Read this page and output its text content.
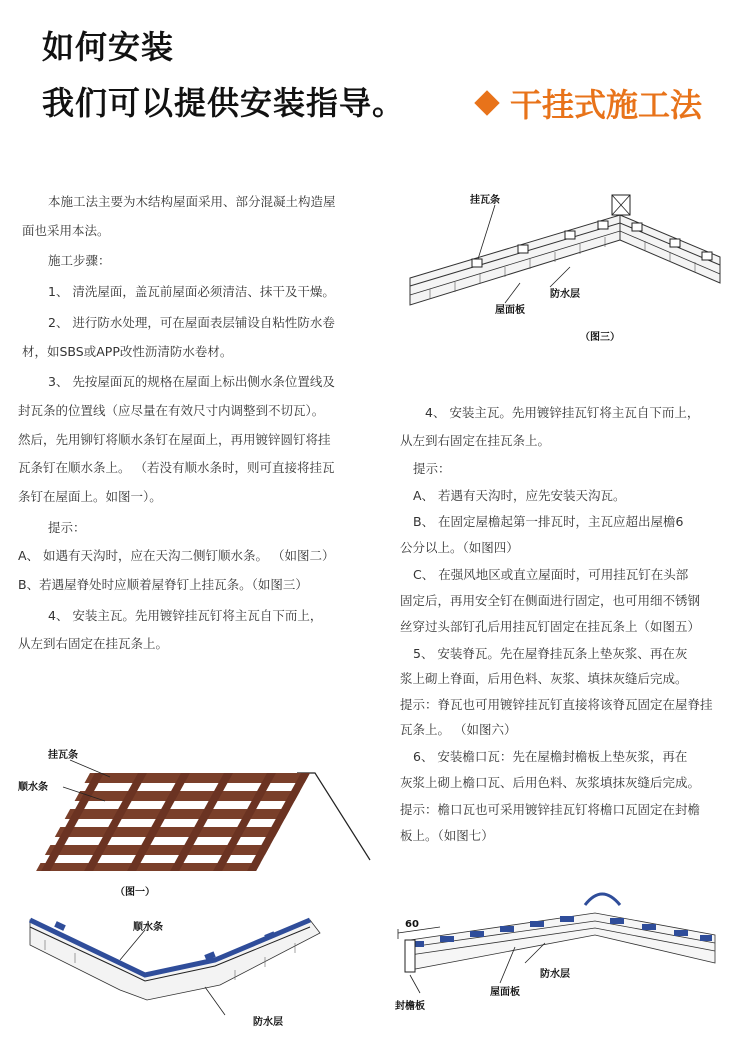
如何安装
我们可以提供安装指导。	干挂式施工法
本施工法主要为木结构屋面采用、部分混凝土构造屋
面也采用本法。
施工步骤：
1、 清洗屋面，盖瓦前屋面必须清洁、抹干及干燥。
2、 进行防水处理，可在屋面表层铺设自粘性防水卷
材，如SBS或APP改性沥清防水卷材。
3、 先按屋面瓦的规格在屋面上标出侧水条位置线及
封瓦条的位置线（应尽量在有效尺寸内调整到不切瓦）。
然后，先用铆钉将顺水条钉在屋面上，再用镀锌圆钉将挂
瓦条钉在顺水条上。 （若没有顺水条时，则可直接将挂瓦
条钉在屋面上。如图一）。
提示：
A、 如遇有天沟时，应在天沟二侧钉顺水条。 （如图二）
B、若遇屋脊处时应顺着屋脊钉上挂瓦条。（如图三）
4、 安装主瓦。先用镀锌挂瓦钉将主瓦自下而上，
从左到右固定在挂瓦条上。
4、 安装主瓦。先用镀锌挂瓦钉将主瓦自下而上，
从左到右固定在挂瓦条上。
提示：
A、 若遇有天沟时，应先安装天沟瓦。
B、 在固定屋檐起第一排瓦时，主瓦应超出屋檐6
公分以上。（如图四）
C、 在强风地区或直立屋面时，可用挂瓦钉在头部
固定后，再用安全钉在侧面进行固定，也可用细不锈钢
丝穿过头部钉孔后用挂瓦钉固定在挂瓦条上（如图五）
5、 安装脊瓦。先在屋脊挂瓦条上垫灰浆、再在灰
浆上砌上脊面，后用色料、灰浆、填抹灰缝后完成。
提示：脊瓦也可用镀锌挂瓦钉直接将该脊瓦固定在屋脊挂
瓦条上。 （如图六）
6、 安装檐口瓦：先在屋檐封檐板上垫灰浆，再在
灰浆上砌上檐口瓦、后用色料、灰浆填抹灰缝后完成。
提示：檐口瓦也可采用镀锌挂瓦钉将檐口瓦固定在封檐
板上。（如图七）
挂瓦条
防水层
屋面板
（图三）
挂瓦条
顺水条
（图一）
顺水条
防水层
60
防水层
屋面板
封檐板
